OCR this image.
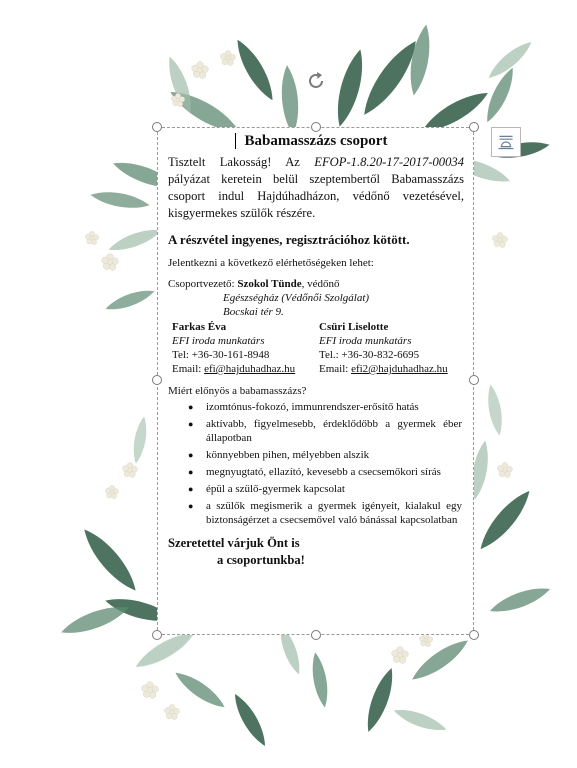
Babamasszázs csoport

Tisztelt Lakosság! Az EFOP-1.8.20-17-2017-00034 pályázat keretein belül szeptembertől Babamasszázs csoport indul Hajdúhadházon, védőnő vezetésével, kisgyermekes szülők részére.

A részvétel ingyenes, regisztrációhoz kötött.

Jelentkezni a következő elérhetőségeken lehet:

Csoportvezető: Szokol Tünde, védőnő

Egészségház (Védőnői Szolgálat)

Bocskai tér 9.

Farkas Éva
EFI iroda munkatárs
Tel: +36-30-161-8948
Email: efi@hajduhadhaz.hu
Csüri Liselotte
EFI iroda munkatárs
Tel.: +36-30-832-6695
Email: efi2@hajduhadhaz.hu

Miért előnyös a babamasszázs?

● izomtónus-fokozó, immunrendszer-erősítő hatás
● aktívabb, figyelmesebb, érdeklődőbb a gyermek éber állapotban
● könnyebben pihen, mélyebben alszik
● megnyugtató, ellazító, kevesebb a csecsemőkori sírás
● épül a szülő-gyermek kapcsolat
● a szülők megismerik a gyermek igényeit, kialakul egy biztonságérzet a csecsemővel való bánással kapcsolatban
Szeretettel várjuk Önt is
a csoportunkba!
